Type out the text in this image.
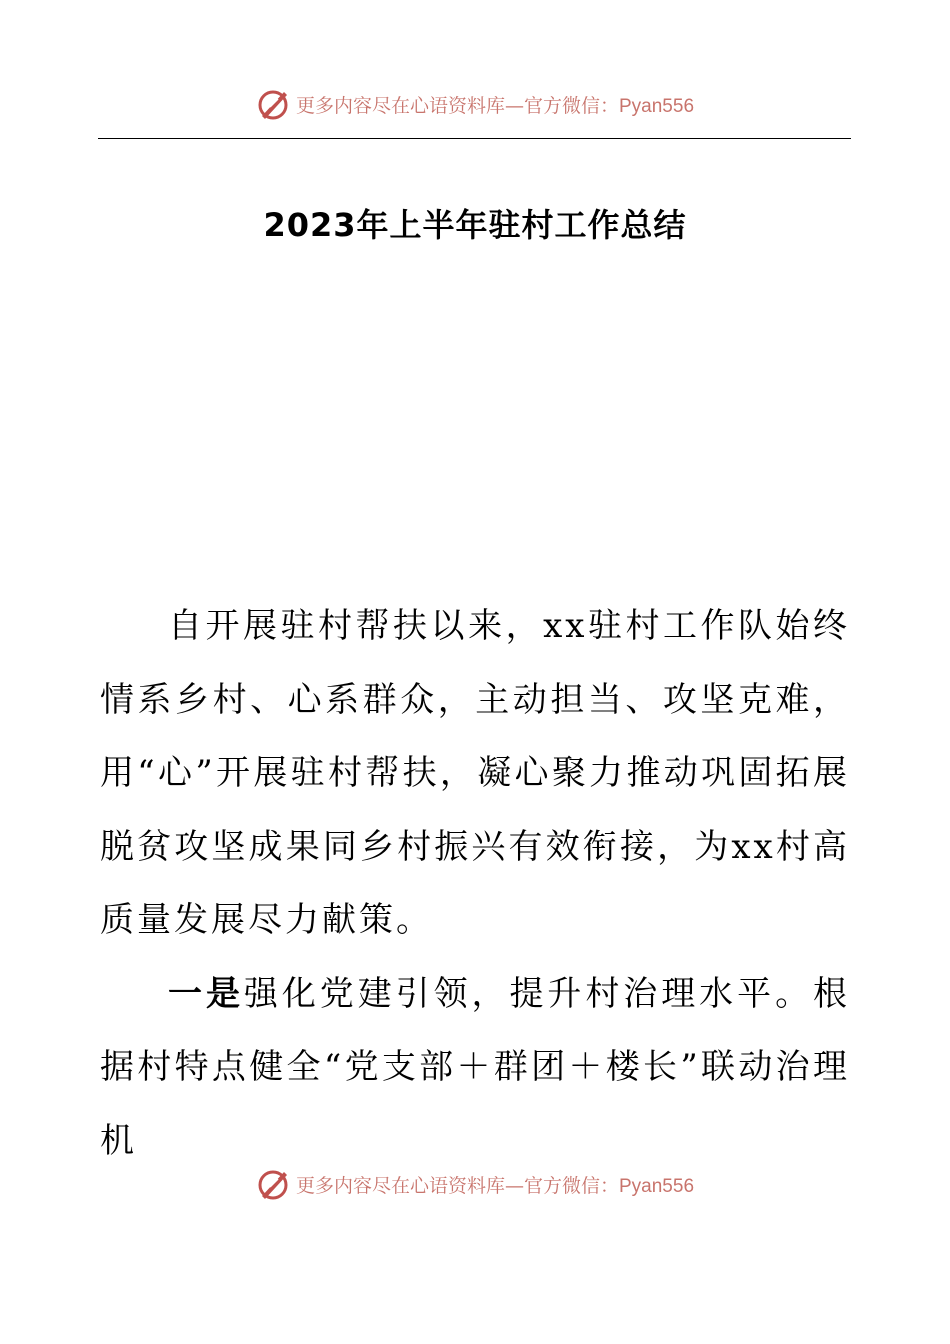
更多内容尽在心语资料库—官方微信：Pyan556
2023年上半年驻村工作总结

自开展驻村帮扶以来，xx驻村工作队始终情系乡村、心系群众，主动担当、攻坚克难，用“心”开展驻村帮扶，凝心聚力推动巩固拓展脱贫攻坚成果同乡村振兴有效衔接，为xx村高质量发展尽力献策。

一是强化党建引领，提升村治理水平。根据村特点健全“党支部＋群团＋楼长”联动治理机

更多内容尽在心语资料库—官方微信：Pyan556
